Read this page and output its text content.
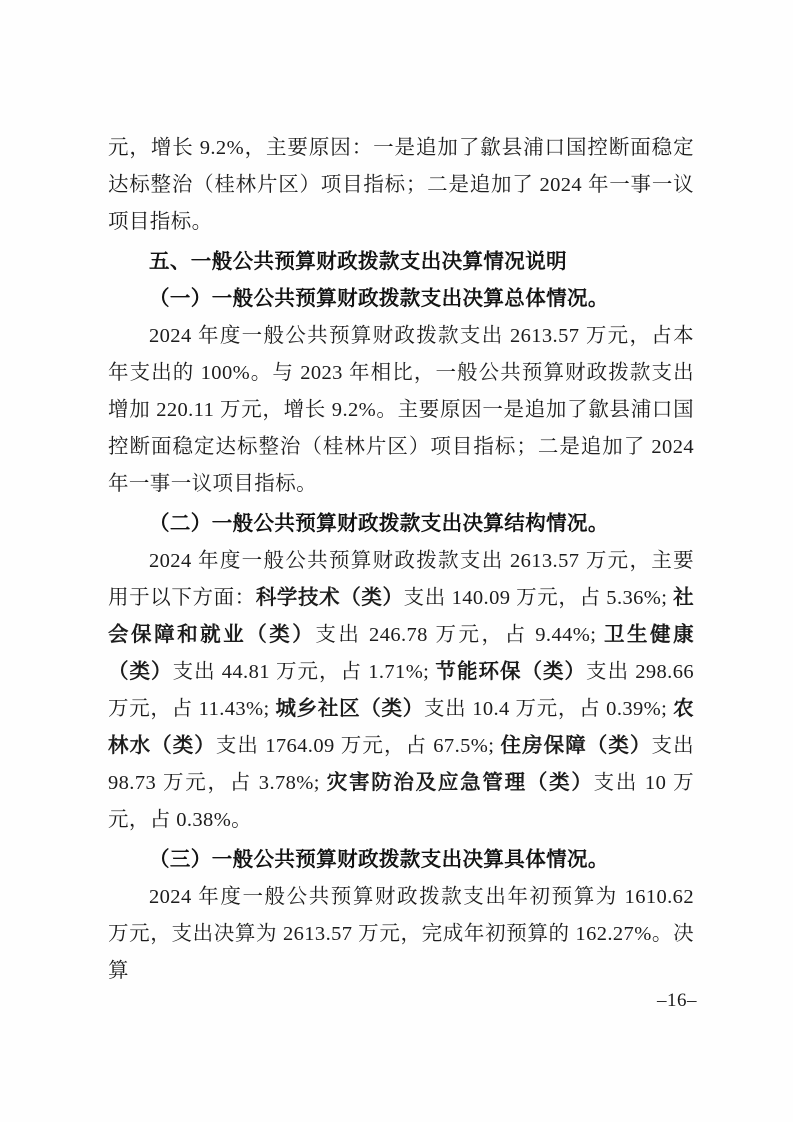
元，增长 9.2%，主要原因：一是追加了歙县浦口国控断面稳定达标整治（桂林片区）项目指标；二是追加了 2024 年一事一议项目指标。

五、一般公共预算财政拨款支出决算情况说明

（一）一般公共预算财政拨款支出决算总体情况。

2024 年度一般公共预算财政拨款支出 2613.57 万元，占本年支出的 100%。与 2023 年相比，一般公共预算财政拨款支出增加 220.11 万元，增长 9.2%。主要原因一是追加了歙县浦口国控断面稳定达标整治（桂林片区）项目指标；二是追加了 2024 年一事一议项目指标。

（二）一般公共预算财政拨款支出决算结构情况。

2024 年度一般公共预算财政拨款支出 2613.57 万元，主要用于以下方面：科学技术（类）支出 140.09 万元，占 5.36%; 社会保障和就业（类）支出 246.78 万元，占 9.44%; 卫生健康（类）支出 44.81 万元，占 1.71%; 节能环保（类）支出 298.66 万元，占 11.43%; 城乡社区（类）支出 10.4 万元，占 0.39%; 农林水（类）支出 1764.09 万元，占 67.5%; 住房保障（类）支出 98.73 万元，占 3.78%; 灾害防治及应急管理（类）支出 10 万元，占 0.38%。

（三）一般公共预算财政拨款支出决算具体情况。

2024 年度一般公共预算财政拨款支出年初预算为 1610.62 万元，支出决算为 2613.57 万元，完成年初预算的 162.27%。决算

–16–
